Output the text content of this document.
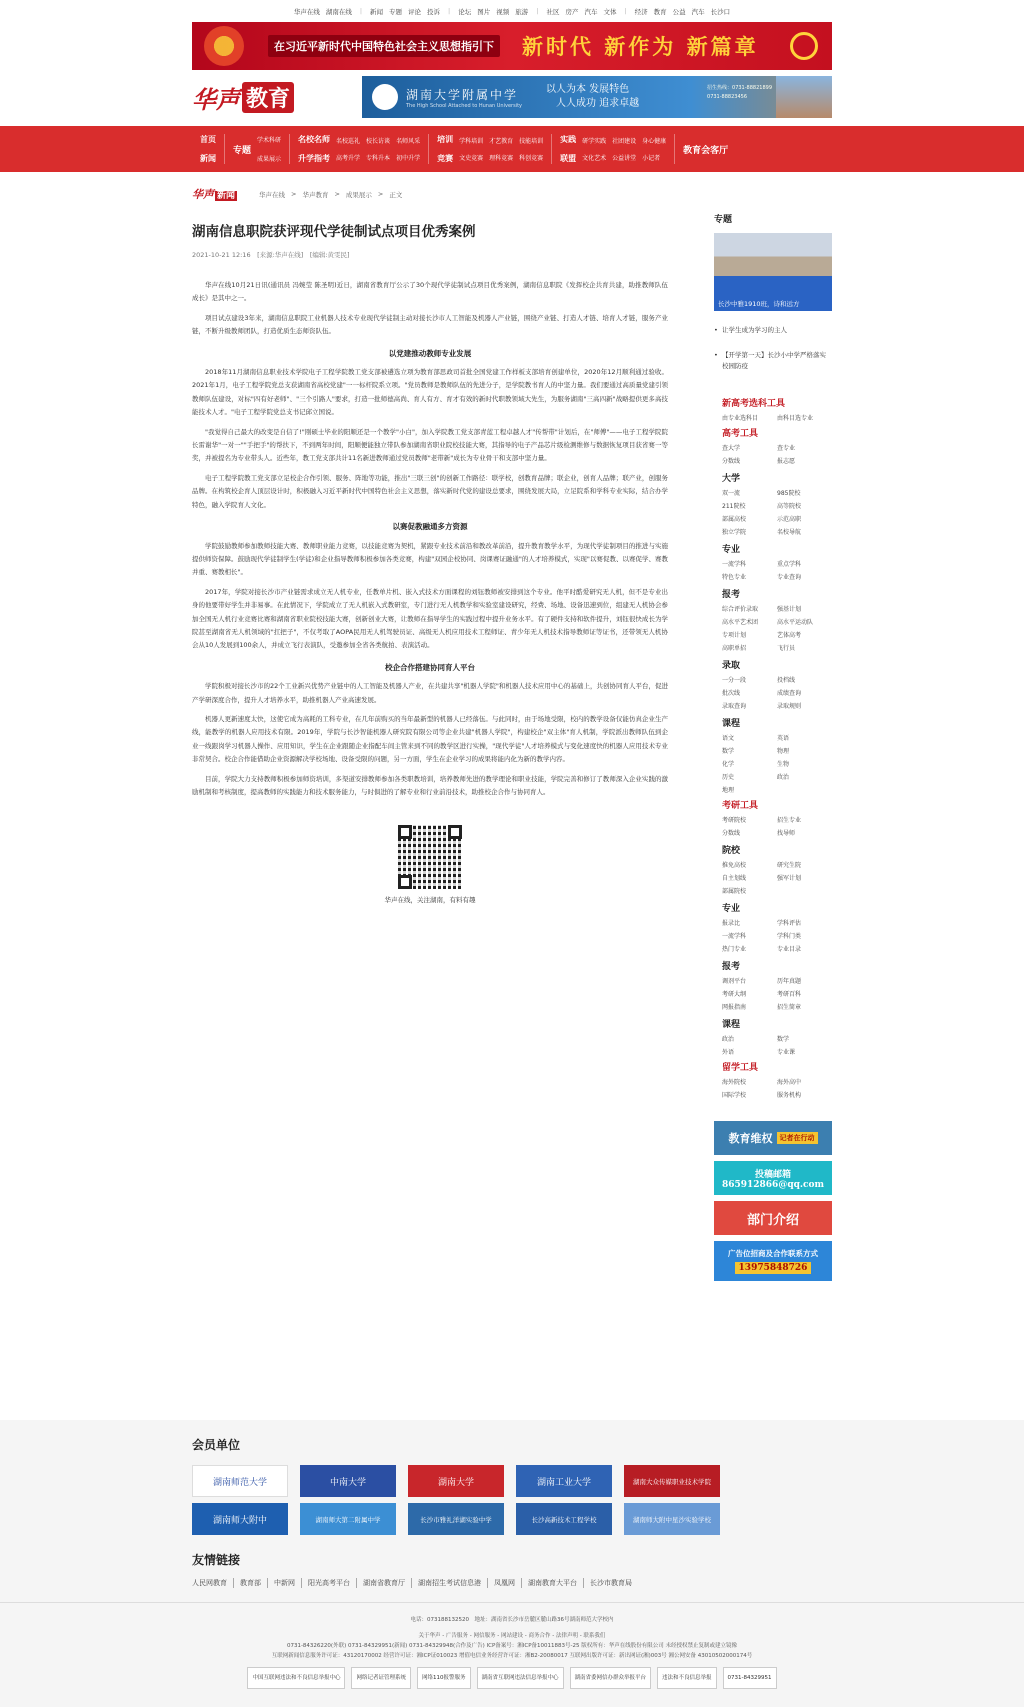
华声在线 湖南在线 | 新闻 专题 评论 投诉 | 论坛 图片 视频 旅游 | 社区 房产 汽车 文体 | 经济 教育 公益 汽车 长沙口
在习近平新时代中国特色社会主义思想指引下 新时代 新作为 新篇章
华声 教育	湖南大学附属中学
The High School Attached to Hunan University
以人为本 发展特色
人人成功 追求卓越
招生热线：0731-88821899
0731-88823456
首页
新闻
专题
学术科研
成果展示
名校名师
升学指考
名校巡礼 校长访谈 名师风采
高考升学 专科升本 初中升学
培训
竞赛
学科培训 才艺教育 技能培训
文史竞赛 理科竞赛 科创竞赛
实践
联盟
研学实践 社团建设 身心健康
文化艺术 公益讲堂 小记者
教育会客厅
华声 新闻	华声在线 > 华声教育 > 成果展示 > 正文
湖南信息职院获评现代学徒制试点项目优秀案例
2021-10-21 12:16　[来源:华声在线]　[编辑:黄雯民]

华声在线10月21日讯(通讯员 冯婉莹 陈圣明)近日，湖南省教育厅公示了30个现代学徒制试点项目优秀案例，湖南信息职院《发挥校企共育共建，助推教师队伍成长》是其中之一。

项目试点建设3年来，湖南信息职院工业机器人技术专业现代学徒制主动对接长沙市人工智能及机器人产业链，围绕产业链、打造人才链、培育人才链，服务产业链，不断升级教师团队，打造优质生态师资队伍。

以党建推动教师专业发展

2018年11月湖南信息职业技术学院电子工程学院教工党支部被遴选立项为教育部思政司首批全国党建工作样板支部培育创建单位，2020年12月顺利通过验收。2021年1月，电子工程学院党总支获湖南省高校党建"一一标杆院系立项。"党员教师是教师队伍的先进分子，是学院教书育人的中坚力量。我们要通过高质量党建引领教师队伍建设，对标"四有好老师"、"三个引路人"要求，打造一批师德高尚、育人有方、育才有效的新时代职教领域大先生，为服务湖南"三高四新"战略提供更多高技能技术人才。"电子工程学院党总支书记邱立国说。

"我觉得自己最大的改变是自信了!"刚硕士毕业的阳顺还是一个教学"小白"，加入学院教工党支部青蓝工程卓越人才"传帮带"计划后，在"师傅"——电子工程学院院长雷谢华"一对一""手把手"的帮扶下，不到两年时间，阳顺便能独立带队参加湖南省职业院校技能大赛，其指导的电子产品芯片级检测维修与数据恢复项目获省赛一等奖，并被提名为专业带头人。近些年，教工党支部共计11名新进教师通过党员教师"老带新"成长为专业骨干和支部中坚力量。

电子工程学院教工党支部立足校企合作引领、服务、阵地等功能，推出"三联三创"的创新工作路径：联学校，创教育品牌；联企业，创育人品牌；联产业，创服务品牌。在构筑校企育人顶层设计时，积极融入习近平新时代中国特色社会主义思想，落实新时代党的建设总要求，围绕发展大局，立足院系和学科专业实际，结合办学特色，融入学院育人文化。

以赛促教融通多方资源

学院鼓励教师参加教师技能大赛、教师职业能力竞赛，以技能竞赛为契机，紧跟专业技术前沿和教改革前沿，提升教育教学水平，为现代学徒制项目的推进与实施提供师资保障。鼓励现代学徒制学生(学徒)和企业指导教师积极参加各类竞赛，构建"双园企校协同、岗课赛证融通"的人才培养模式，实现"以赛促教、以赛促学、赛教并重、赛教相长"。

2017年，学院对接长沙市产业链需求成立无人机专业，任教单片机、嵌入式技术方面课程的刘钰教师被安排到这个专业。他平时酷爱研究无人机，但不是专业出身的他要带好学生并非易事。在此情况下，学院成立了无人机嵌入式教研室，专门进行无人机教学和实验室建设研究，经费、场地、设备迅速到位，组建无人机协会参加全国无人机行业竞赛比赛和湖南省职业院校技能大赛，创新创业大赛，让教师在指导学生的实践过程中提升业务水平。有了硬件支持和软件提升，刘钰很快成长为学院甚至湖南省无人机领域的"扛把子"，不仅考取了AOPA民用无人机驾驶员证、高级无人机应用技术工程师证、青少年无人机技术指导教师证等证书，还带领无人机协会从10人发展到100余人，并成立飞行表演队，受邀参加全省各类航拍、表演活动。

校企合作搭建协同育人平台

学院积极对接长沙市的22个工业新兴优势产业链中的人工智能及机器人产业，在共建共享"机器人学院"和机器人技术应用中心的基础上，共创协同育人平台，促进产学研深度合作，提升人才培养水平，助推机器人产业高速发展。

机器人更新速度太快，这使它成为高耗的工科专业，在几年前购买的当年最新型的机器人已经落伍。与此同时，由于场地受限，校内的教学设备仅能仿真企业生产线，能教学的机器人应用技术有限。2019年，学院与长沙智能机器人研究院有限公司等企业共建"机器人学院"，构建校企"双主体"育人机制，学院派出教师队伍到企业一线跟岗学习机器人操作、应用知识，学生在企业跟随企业指配车间主管来到不同的教学区进行实操，"现代学徒"人才培养模式与变化速度快的机器人应用技术专业非常契合。校企合作能借助企业资源解决学校场地、设备受限的问题，另一方面，学生在企业学习的成果将能内化为新的教学内容。

目前，学院大力支持教师积极参加师资培训，多渠道安排教师参加各类职教培训，培养教师先进的教学理论和职业技能，学院完善和修订了教师深入企业实践的激励机制和考核制度，提高教师的实践能力和技术服务能力，与时俱进的了解专业和行业前沿技术，助推校企合作与协同育人。

华声在线，关注湖南，有料有趣
专题
长沙中雅1910班，诗和远方
• 让学生成为学习的主人
• 【开学第一天】长沙小中学严格落实校园防疫
新高考选科工具
由专业选科目	由科目选专业
高考工具
查大学	查专业
分数线	报志愿
大学
双一流	985院校
211院校	高等院校
部属高校	示范高职
独立学院	名校导航
专业
一流学科	重点学科
特色专业	专业查询
报考
综合评价录取	强基计划
高水平艺术团	高水平运动队
专项计划	艺体高考
高职单招	飞行员
录取
一分一段	投档线
批次线	成绩查询
录取查询	录取规则
课程
语文	英语
数学	物理
化学	生物
历史	政治
地理
考研工具
考研院校	招生专业
分数线	找导师
院校
推免高校	研究生院
自主划线	强军计划
部属院校
专业
报录比	学科评估
一流学科	学科门类
热门专业	专业目录
报考
调剂平台	历年真题
考研大纲	考研百科
网报指南	招生简章
课程
政治	数学
外语	专业课
留学工具
海外院校	海外高中
国际学校	服务机构
教育维权	记者在行动
投稿邮箱
865912866@qq.com
部门介绍
广告位招商及合作联系方式
13975848726
会员单位
湖南师范大学	中南大学	湖南大学	湖南工业大学	湖南大众传媒职业技术学院
湖南师大附中	湖南师大第二附属中学	长沙市雅礼洋湖实验中学	长沙高新技术工程学校	湖南师大附中星沙实验学校
友情链接
人民网教育	教育部	中新网	阳光高考平台	湖南省教育厅	湖南招生考试信息港	凤凰网	湖南教育大平台	长沙市教育局
电话：073188132520　地址：湖南省长沙市岳麓区麓山路36号湖南师范大学校内
关于华声 - 广告服务 - 网信服务 - 网站建设 - 商务合作 - 法律声明 - 联系我们
0731-84326220(外联) 0731-84329951(新闻) 0731-84329948(合作及广告) ICP备案号：湘ICP备10011883号-25 版权所有：华声在线股份有限公司 未经授权禁止复制或建立镜像
互联网新闻信息服务许可证：43120170002 经营许可证：湘ICP证010023 增值电信业务经营许可证：湘B2-20080017 互联网出版许可证：新出网证(湘)003号 湘公网安备 43010502000174号
中国互联网违法和不良信息举报中心	网络记者证管理系统	网络110报警服务	湖南省互联网违法信息举报中心	湖南省委网信办群众举报平台	违法和不良信息举报	0731-84329951
